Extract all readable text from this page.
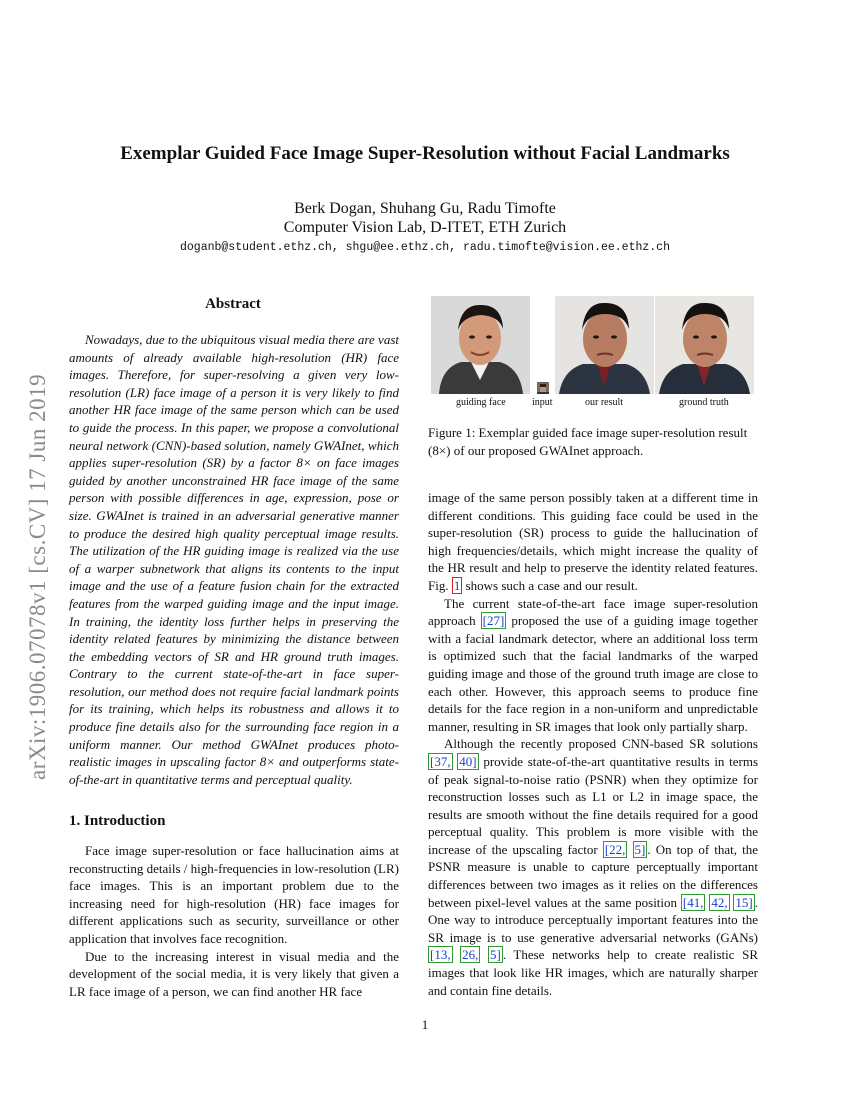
Exemplar Guided Face Image Super-Resolution without Facial Landmarks
Berk Dogan, Shuhang Gu, Radu Timofte
Computer Vision Lab, D-ITET, ETH Zurich
doganb@student.ethz.ch, shgu@ee.ethz.ch, radu.timofte@vision.ee.ethz.ch
arXiv:1906.07078v1 [cs.CV] 17 Jun 2019
Abstract

Nowadays, due to the ubiquitous visual media there are vast amounts of already available high-resolution (HR) face images. Therefore, for super-resolving a given very low-resolution (LR) face image of a person it is very likely to find another HR face image of the same person which can be used to guide the process. In this paper, we propose a convolutional neural network (CNN)-based solution, namely GWAInet, which applies super-resolution (SR) by a factor 8× on face images guided by another unconstrained HR face image of the same person with possible differences in age, expression, pose or size. GWAInet is trained in an adversarial generative manner to produce the desired high quality perceptual image results. The utilization of the HR guiding image is realized via the use of a warper subnetwork that aligns its contents to the input image and the use of a feature fusion chain for the extracted features from the warped guiding image and the input image. In training, the identity loss further helps in preserving the identity related features by minimizing the distance between the embedding vectors of SR and HR ground truth images. Contrary to the current state-of-the-art in face super-resolution, our method does not require facial landmark points for its training, which helps its robustness and allows it to produce fine details also for the surrounding face region in a uniform manner. Our method GWAInet produces photo-realistic images in upscaling factor 8× and outperforms state-of-the-art in quantitative terms and perceptual quality.

1. Introduction

Face image super-resolution or face hallucination aims at reconstructing details / high-frequencies in low-resolution (LR) face images. This is an important problem due to the increasing need for high-resolution (HR) face images for different applications such as security, surveillance or other application that involves face recognition.

Due to the increasing interest in visual media and the development of the social media, it is very likely that given a LR face image of a person, we can find another HR face

guiding face	input	our result	ground truth
Figure 1: Exemplar guided face image super-resolution result (8×) of our proposed GWAInet approach.

image of the same person possibly taken at a different time in different conditions. This guiding face could be used in the super-resolution (SR) process to guide the hallucination of high frequencies/details, which might increase the quality of the HR result and help to preserve the identity related features. Fig. 1 shows such a case and our result.

The current state-of-the-art face image super-resolution approach [27] proposed the use of a guiding image together with a facial landmark detector, where an additional loss term is optimized such that the facial landmarks of the warped guiding image and those of the ground truth image are close to each other. However, this approach seems to produce fine details for the face region in a non-uniform and unpredictable manner, resulting in SR images that look only partially sharp.

Although the recently proposed CNN-based SR solutions [37, 40] provide state-of-the-art quantitative results in terms of peak signal-to-noise ratio (PSNR) when they optimize for reconstruction losses such as L1 or L2 in image space, the results are smooth without the fine details required for a good perceptual quality. This problem is more visible with the increase of the upscaling factor [22, 5] . On top of that, the PSNR measure is unable to capture perceptually important differences between two images as it relies on the differences between pixel-level values at the same position [41, 42, 15] . One way to introduce perceptually important features into the SR image is to use generative adversarial networks (GANs) [13, 26, 5] . These networks help to create realistic SR images that look like HR images, which are naturally sharper and contain fine details.

1
